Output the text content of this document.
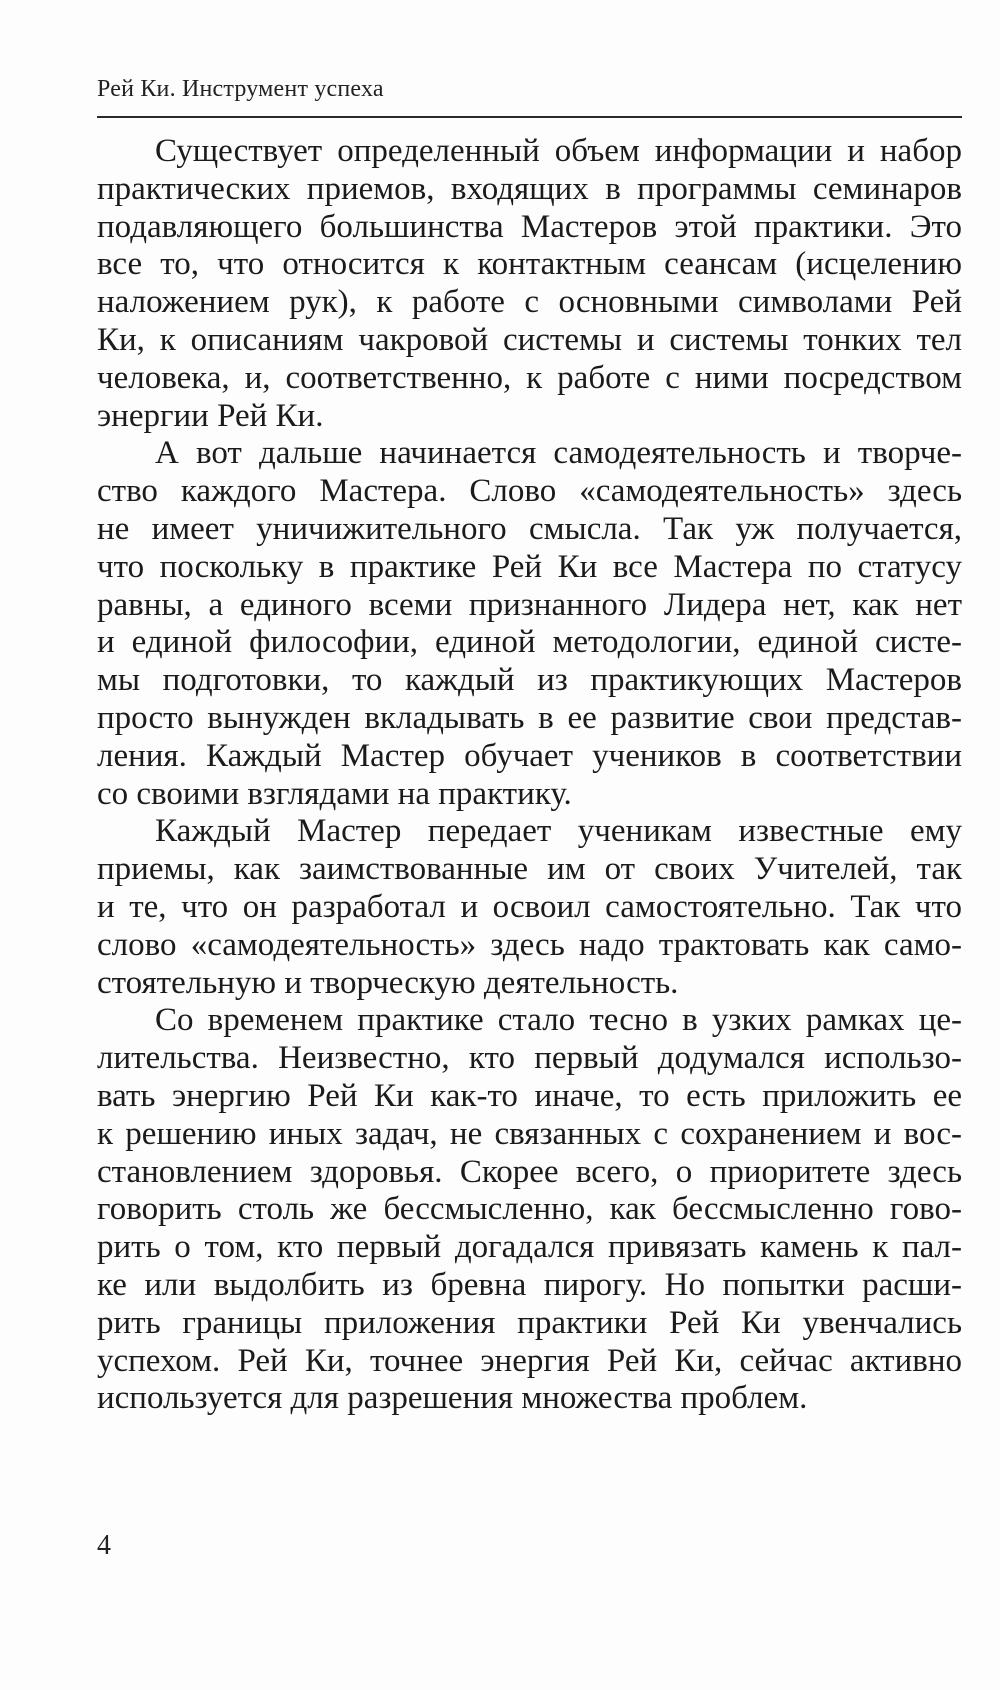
Рей Ки. Инструмент успеха
Существует определенный объем информации и набор
практических приемов, входящих в программы семинаров
подавляющего большинства Мастеров этой практики. Это
все то, что относится к контактным сеансам (исцелению
наложением рук), к работе с основными символами Рей
Ки, к описаниям чакровой системы и системы тонких тел
человека, и, соответственно, к работе с ними посредством
энергии Рей Ки.
А вот дальше начинается самодеятельность и творче-
ство каждого Мастера. Слово «самодеятельность» здесь
не имеет уничижительного смысла. Так уж получается,
что поскольку в практике Рей Ки все Мастера по статусу
равны, а единого всеми признанного Лидера нет, как нет
и единой философии, единой методологии, единой систе-
мы подготовки, то каждый из практикующих Мастеров
просто вынужден вкладывать в ее развитие свои представ-
ления. Каждый Мастер обучает учеников в соответствии
со своими взглядами на практику.
Каждый Мастер передает ученикам известные ему
приемы, как заимствованные им от своих Учителей, так
и те, что он разработал и освоил самостоятельно. Так что
слово «самодеятельность» здесь надо трактовать как само-
стоятельную и творческую деятельность.
Со временем практике стало тесно в узких рамках це-
лительства. Неизвестно, кто первый додумался использо-
вать энергию Рей Ки как-то иначе, то есть приложить ее
к решению иных задач, не связанных с сохранением и вос-
становлением здоровья. Скорее всего, о приоритете здесь
говорить столь же бессмысленно, как бессмысленно гово-
рить о том, кто первый догадался привязать камень к пал-
ке или выдолбить из бревна пирогу. Но попытки расши-
рить границы приложения практики Рей Ки увенчались
успехом. Рей Ки, точнее энергия Рей Ки, сейчас активно
используется для разрешения множества проблем.
4
